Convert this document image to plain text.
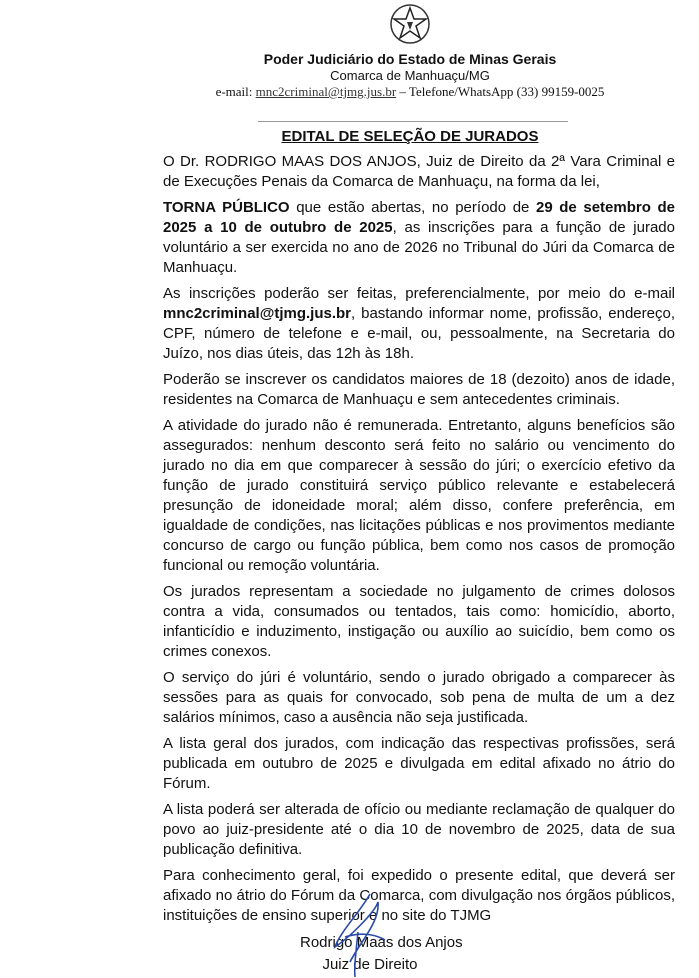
Poder Judiciário do Estado de Minas Gerais
Comarca de Manhuaçu/MG
e-mail: mnc2criminal@tjmg.jus.br – Telefone/WhatsApp (33) 99159-0025
EDITAL DE SELEÇÃO DE JURADOS

O Dr. RODRIGO MAAS DOS ANJOS, Juiz de Direito da 2ª Vara Criminal e de Execuções Penais da Comarca de Manhuaçu, na forma da lei,

TORNA PÚBLICO que estão abertas, no período de 29 de setembro de 2025 a 10 de outubro de 2025, as inscrições para a função de jurado voluntário a ser exercida no ano de 2026 no Tribunal do Júri da Comarca de Manhuaçu.

As inscrições poderão ser feitas, preferencialmente, por meio do e-mail mnc2criminal@tjmg.jus.br, bastando informar nome, profissão, endereço, CPF, número de telefone e e-mail, ou, pessoalmente, na Secretaria do Juízo, nos dias úteis, das 12h às 18h.

Poderão se inscrever os candidatos maiores de 18 (dezoito) anos de idade, residentes na Comarca de Manhuaçu e sem antecedentes criminais.

A atividade do jurado não é remunerada. Entretanto, alguns benefícios são assegurados: nenhum desconto será feito no salário ou vencimento do jurado no dia em que comparecer à sessão do júri; o exercício efetivo da função de jurado constituirá serviço público relevante e estabelecerá presunção de idoneidade moral; além disso, confere preferência, em igualdade de condições, nas licitações públicas e nos provimentos mediante concurso de cargo ou função pública, bem como nos casos de promoção funcional ou remoção voluntária.

Os jurados representam a sociedade no julgamento de crimes dolosos contra a vida, consumados ou tentados, tais como: homicídio, aborto, infanticídio e induzimento, instigação ou auxílio ao suicídio, bem como os crimes conexos.

O serviço do júri é voluntário, sendo o jurado obrigado a comparecer às sessões para as quais for convocado, sob pena de multa de um a dez salários mínimos, caso a ausência não seja justificada.

A lista geral dos jurados, com indicação das respectivas profissões, será publicada em outubro de 2025 e divulgada em edital afixado no átrio do Fórum.

A lista poderá ser alterada de ofício ou mediante reclamação de qualquer do povo ao juiz-presidente até o dia 10 de novembro de 2025, data de sua publicação definitiva.

Para conhecimento geral, foi expedido o presente edital, que deverá ser afixado no átrio do Fórum da Comarca, com divulgação nos órgãos públicos, instituições de ensino superior e no site do TJMG

Rodrigo Maas dos Anjos
Juiz de Direito
